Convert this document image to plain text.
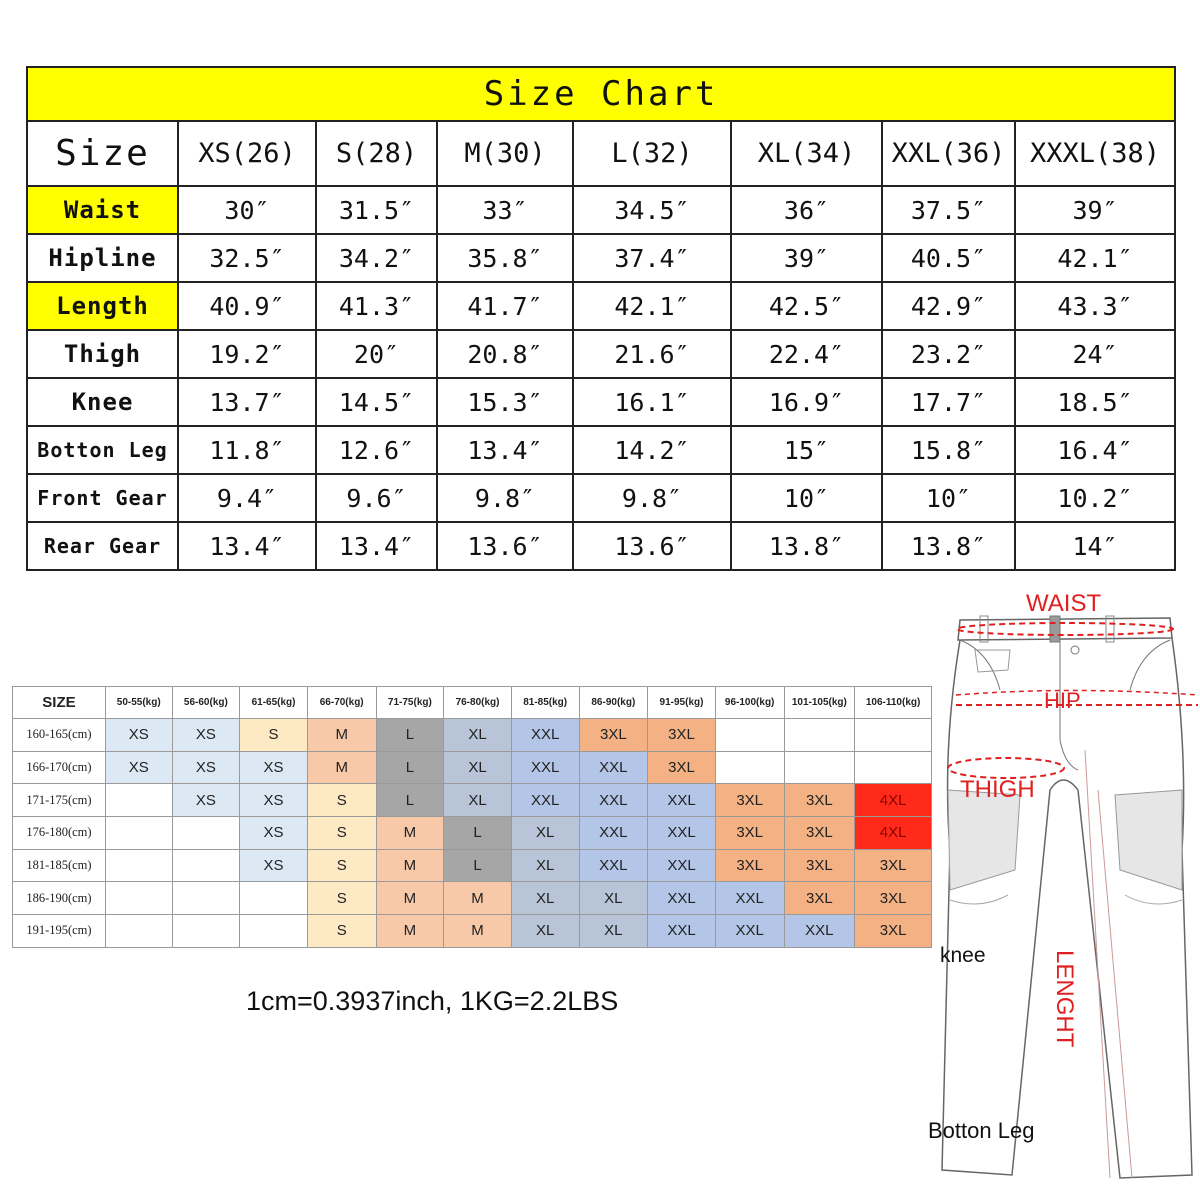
Size Chart							
Size	XS(26)	S(28)	M(30)	L(32)	XL(34)	XXL(36)	XXXL(38)
Waist	30″	31.5″	33″	34.5″	36″	37.5″	39″
Hipline	32.5″	34.2″	35.8″	37.4″	39″	40.5″	42.1″
Length	40.9″	41.3″	41.7″	42.1″	42.5″	42.9″	43.3″
Thigh	19.2″	20″	20.8″	21.6″	22.4″	23.2″	24″
Knee	13.7″	14.5″	15.3″	16.1″	16.9″	17.7″	18.5″
Botton Leg	11.8″	12.6″	13.4″	14.2″	15″	15.8″	16.4″
Front Gear	9.4″	9.6″	9.8″	9.8″	10″	10″	10.2″
Rear Gear	13.4″	13.4″	13.6″	13.6″	13.8″	13.8″	14″
SIZE	50-55(kg)	56-60(kg)	61-65(kg)	66-70(kg)	71-75(kg)	76-80(kg)	81-85(kg)	86-90(kg)	91-95(kg)	96-100(kg)	101-105(kg)	106-110(kg)
160-165(cm)	XS	XS	S	M	L	XL	XXL	3XL	3XL			
166-170(cm)	XS	XS	XS	M	L	XL	XXL	XXL	3XL			
171-175(cm)		XS	XS	S	L	XL	XXL	XXL	XXL	3XL	3XL	4XL
176-180(cm)			XS	S	M	L	XL	XXL	XXL	3XL	3XL	4XL
181-185(cm)			XS	S	M	L	XL	XXL	XXL	3XL	3XL	3XL
186-190(cm)				S	M	M	XL	XL	XXL	XXL	3XL	3XL
191-195(cm)				S	M	M	XL	XL	XXL	XXL	XXL	3XL
1cm=0.3937inch, 1KG=2.2LBS
WAIST
HIP
THIGH
knee	LENGHT
Botton Leg
